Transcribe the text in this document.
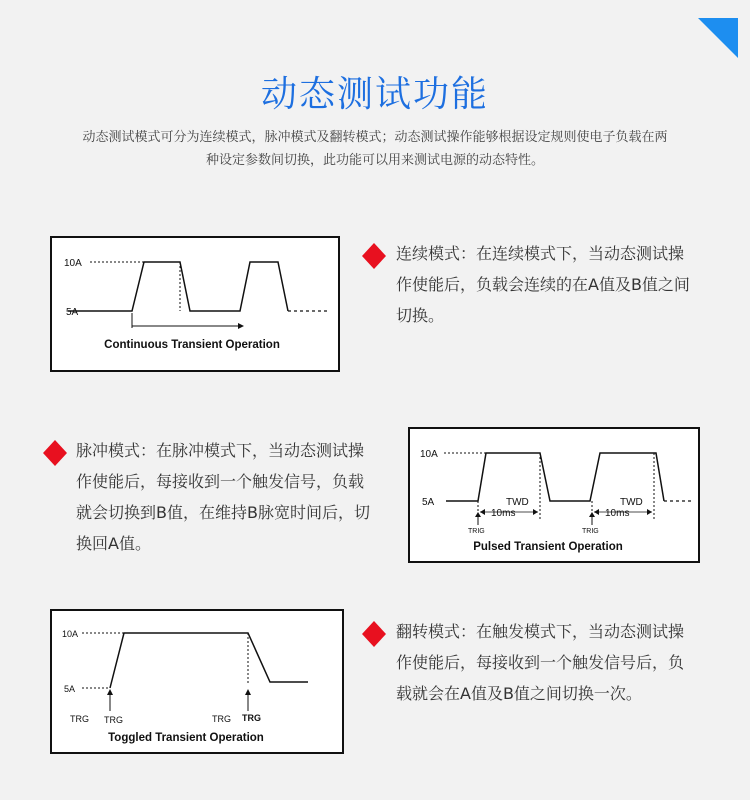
动态测试功能
动态测试模式可分为连续模式，脉冲模式及翻转模式；动态测试操作能够根据设定规则使电子负载在两种设定参数间切换，此功能可以用来测试电源的动态特性。
10A
5A
Continuous Transient Operation
连续模式：在连续模式下，当动态测试操作使能后，负载会连续的在A值及B值之间切换。
脉冲模式：在脉冲模式下，当动态测试操作使能后，每接收到一个触发信号，负载就会切换到B值，在维持B脉宽时间后，切换回A值。
10A
5A	TWD
10ms
TWD
10ms
TRIG	TRIG
Pulsed Transient Operation
10A
5A
TRG TRG	TRG TRG
Toggled Transient Operation
翻转模式：在触发模式下，当动态测试操作使能后，每接收到一个触发信号后，负载就会在A值及B值之间切换一次。
